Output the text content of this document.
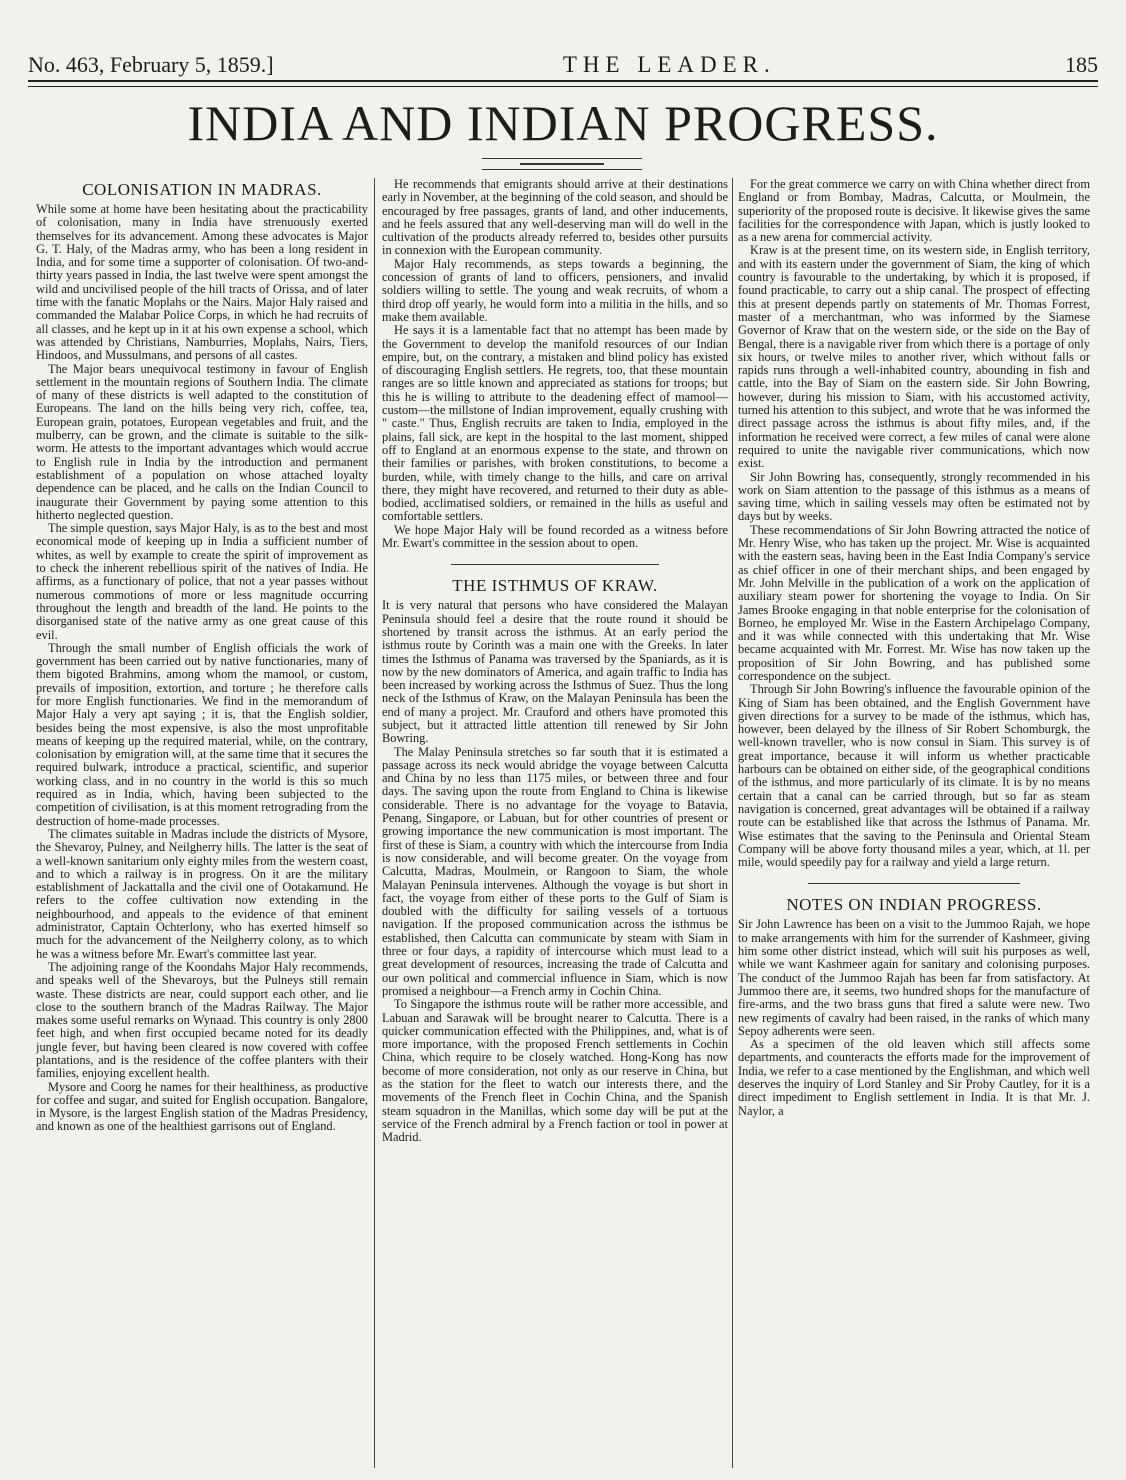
No. 463, February 5, 1859.]	THE LEADER.	185
INDIA AND INDIAN PROGRESS.
COLONISATION IN MADRAS.

While some at home have been hesitating about the practicability of colonisation, many in India have strenuously exerted themselves for its advancement. Among these advocates is Major G. T. Haly, of the Madras army, who has been a long resident in India, and for some time a supporter of colonisation. Of two-and-thirty years passed in India, the last twelve were spent amongst the wild and uncivilised people of the hill tracts of Orissa, and of later time with the fanatic Moplahs or the Nairs. Major Haly raised and commanded the Malabar Police Corps, in which he had recruits of all classes, and he kept up in it at his own expense a school, which was attended by Christians, Namburries, Moplahs, Nairs, Tiers, Hindoos, and Mussulmans, and persons of all castes.

The Major bears unequivocal testimony in favour of English settlement in the mountain regions of Southern India. The climate of many of these districts is well adapted to the constitution of Europeans. The land on the hills being very rich, coffee, tea, European grain, potatoes, European vegetables and fruit, and the mulberry, can be grown, and the climate is suitable to the silk-worm. He attests to the important advantages which would accrue to English rule in India by the introduction and permanent establishment of a population on whose attached loyalty dependence can be placed, and he calls on the Indian Council to inaugurate their Government by paying some attention to this hitherto neglected question.

The simple question, says Major Haly, is as to the best and most economical mode of keeping up in India a sufficient number of whites, as well by example to create the spirit of improvement as to check the inherent rebellious spirit of the natives of India. He affirms, as a functionary of police, that not a year passes without numerous commotions of more or less magnitude occurring throughout the length and breadth of the land. He points to the disorganised state of the native army as one great cause of this evil.

Through the small number of English officials the work of government has been carried out by native functionaries, many of them bigoted Brahmins, among whom the mamool, or custom, prevails of imposition, extortion, and torture ; he therefore calls for more English functionaries. We find in the memorandum of Major Haly a very apt saying ; it is, that the English soldier, besides being the most expensive, is also the most unprofitable means of keeping up the required material, while, on the contrary, colonisation by emigration will, at the same time that it secures the required bulwark, introduce a practical, scientific, and superior working class, and in no country in the world is this so much required as in India, which, having been subjected to the competition of civilisation, is at this moment retrograding from the destruction of home-made processes.

The climates suitable in Madras include the districts of Mysore, the Shevaroy, Pulney, and Neilgherry hills. The latter is the seat of a well-known sanitarium only eighty miles from the western coast, and to which a railway is in progress. On it are the military establishment of Jackattalla and the civil one of Ootakamund. He refers to the coffee cultivation now extending in the neighbourhood, and appeals to the evidence of that eminent administrator, Captain Ochterlony, who has exerted himself so much for the advancement of the Neilgherry colony, as to which he was a witness before Mr. Ewart's committee last year.

The adjoining range of the Koondahs Major Haly recommends, and speaks well of the Shevaroys, but the Pulneys still remain waste. These districts are near, could support each other, and lie close to the southern branch of the Madras Railway. The Major makes some useful remarks on Wynaad. This country is only 2800 feet high, and when first occupied became noted for its deadly jungle fever, but having been cleared is now covered with coffee plantations, and is the residence of the coffee planters with their families, enjoying excellent health.

Mysore and Coorg he names for their healthiness, as productive for coffee and sugar, and suited for English occupation. Bangalore, in Mysore, is the largest English station of the Madras Presidency, and known as one of the healthiest garrisons out of England.

He recommends that emigrants should arrive at their destinations early in November, at the beginning of the cold season, and should be encouraged by free passages, grants of land, and other inducements, and he feels assured that any well-deserving man will do well in the cultivation of the products already referred to, besides other pursuits in connexion with the European community.

Major Haly recommends, as steps towards a beginning, the concession of grants of land to officers, pensioners, and invalid soldiers willing to settle. The young and weak recruits, of whom a third drop off yearly, he would form into a militia in the hills, and so make them available.

He says it is a lamentable fact that no attempt has been made by the Government to develop the manifold resources of our Indian empire, but, on the contrary, a mistaken and blind policy has existed of discouraging English settlers. He regrets, too, that these mountain ranges are so little known and appreciated as stations for troops; but this he is willing to attribute to the deadening effect of mamool—custom—the millstone of Indian improvement, equally crushing with " caste." Thus, English recruits are taken to India, employed in the plains, fall sick, are kept in the hospital to the last moment, shipped off to England at an enormous expense to the state, and thrown on their families or parishes, with broken constitutions, to become a burden, while, with timely change to the hills, and care on arrival there, they might have recovered, and returned to their duty as able-bodied, acclimatised soldiers, or remained in the hills as useful and comfortable settlers.

We hope Major Haly will be found recorded as a witness before Mr. Ewart's committee in the session about to open.

THE ISTHMUS OF KRAW.

It is very natural that persons who have considered the Malayan Peninsula should feel a desire that the route round it should be shortened by transit across the isthmus. At an early period the isthmus route by Corinth was a main one with the Greeks. In later times the Isthmus of Panama was traversed by the Spaniards, as it is now by the new dominators of America, and again traffic to India has been increased by working across the Isthmus of Suez. Thus the long neck of the Isthmus of Kraw, on the Malayan Peninsula has been the end of many a project. Mr. Crauford and others have promoted this subject, but it attracted little attention till renewed by Sir John Bowring.

The Malay Peninsula stretches so far south that it is estimated a passage across its neck would abridge the voyage between Calcutta and China by no less than 1175 miles, or between three and four days. The saving upon the route from England to China is likewise considerable. There is no advantage for the voyage to Batavia, Penang, Singapore, or Labuan, but for other countries of present or growing importance the new communication is most important. The first of these is Siam, a country with which the intercourse from India is now considerable, and will become greater. On the voyage from Calcutta, Madras, Moulmein, or Rangoon to Siam, the whole Malayan Peninsula intervenes. Although the voyage is but short in fact, the voyage from either of these ports to the Gulf of Siam is doubled with the difficulty for sailing vessels of a tortuous navigation. If the proposed communication across the isthmus be established, then Calcutta can communicate by steam with Siam in three or four days, a rapidity of intercourse which must lead to a great development of resources, increasing the trade of Calcutta and our own political and commercial influence in Siam, which is now promised a neighbour—a French army in Cochin China.

To Singapore the isthmus route will be rather more accessible, and Labuan and Sarawak will be brought nearer to Calcutta. There is a quicker communication effected with the Philippines, and, what is of more importance, with the proposed French settlements in Cochin China, which require to be closely watched. Hong-Kong has now become of more consideration, not only as our reserve in China, but as the station for the fleet to watch our interests there, and the movements of the French fleet in Cochin China, and the Spanish steam squadron in the Manillas, which some day will be put at the service of the French admiral by a French faction or tool in power at Madrid.

For the great commerce we carry on with China whether direct from England or from Bombay, Madras, Calcutta, or Moulmein, the superiority of the proposed route is decisive. It likewise gives the same facilities for the correspondence with Japan, which is justly looked to as a new arena for commercial activity.

Kraw is at the present time, on its western side, in English territory, and with its eastern under the government of Siam, the king of which country is favourable to the undertaking, by which it is proposed, if found practicable, to carry out a ship canal. The prospect of effecting this at present depends partly on statements of Mr. Thomas Forrest, master of a merchantman, who was informed by the Siamese Governor of Kraw that on the western side, or the side on the Bay of Bengal, there is a navigable river from which there is a portage of only six hours, or twelve miles to another river, which without falls or rapids runs through a well-inhabited country, abounding in fish and cattle, into the Bay of Siam on the eastern side. Sir John Bowring, however, during his mission to Siam, with his accustomed activity, turned his attention to this subject, and wrote that he was informed the direct passage across the isthmus is about fifty miles, and, if the information he received were correct, a few miles of canal were alone required to unite the navigable river communications, which now exist.

Sir John Bowring has, consequently, strongly recommended in his work on Siam attention to the passage of this isthmus as a means of saving time, which in sailing vessels may often be estimated not by days but by weeks.

These recommendations of Sir John Bowring attracted the notice of Mr. Henry Wise, who has taken up the project. Mr. Wise is acquainted with the eastern seas, having been in the East India Company's service as chief officer in one of their merchant ships, and been engaged by Mr. John Melville in the publication of a work on the application of auxiliary steam power for shortening the voyage to India. On Sir James Brooke engaging in that noble enterprise for the colonisation of Borneo, he employed Mr. Wise in the Eastern Archipelago Company, and it was while connected with this undertaking that Mr. Wise became acquainted with Mr. Forrest. Mr. Wise has now taken up the proposition of Sir John Bowring, and has published some correspondence on the subject.

Through Sir John Bowring's influence the favourable opinion of the King of Siam has been obtained, and the English Government have given directions for a survey to be made of the isthmus, which has, however, been delayed by the illness of Sir Robert Schomburgk, the well-known traveller, who is now consul in Siam. This survey is of great importance, because it will inform us whether practicable harbours can be obtained on either side, of the geographical conditions of the isthmus, and more particularly of its climate. It is by no means certain that a canal can be carried through, but so far as steam navigation is concerned, great advantages will be obtained if a railway route can be established like that across the Isthmus of Panama. Mr. Wise estimates that the saving to the Peninsula and Oriental Steam Company will be above forty thousand miles a year, which, at 1l. per mile, would speedily pay for a railway and yield a large return.

NOTES ON INDIAN PROGRESS.

Sir John Lawrence has been on a visit to the Jummoo Rajah, we hope to make arrangements with him for the surrender of Kashmeer, giving him some other district instead, which will suit his purposes as well, while we want Kashmeer again for sanitary and colonising purposes. The conduct of the Jummoo Rajah has been far from satisfactory. At Jummoo there are, it seems, two hundred shops for the manufacture of fire-arms, and the two brass guns that fired a salute were new. Two new regiments of cavalry had been raised, in the ranks of which many Sepoy adherents were seen.

As a specimen of the old leaven which still affects some departments, and counteracts the efforts made for the improvement of India, we refer to a case mentioned by the Englishman, and which well deserves the inquiry of Lord Stanley and Sir Proby Cautley, for it is a direct impediment to English settlement in India. It is that Mr. J. Naylor, a
